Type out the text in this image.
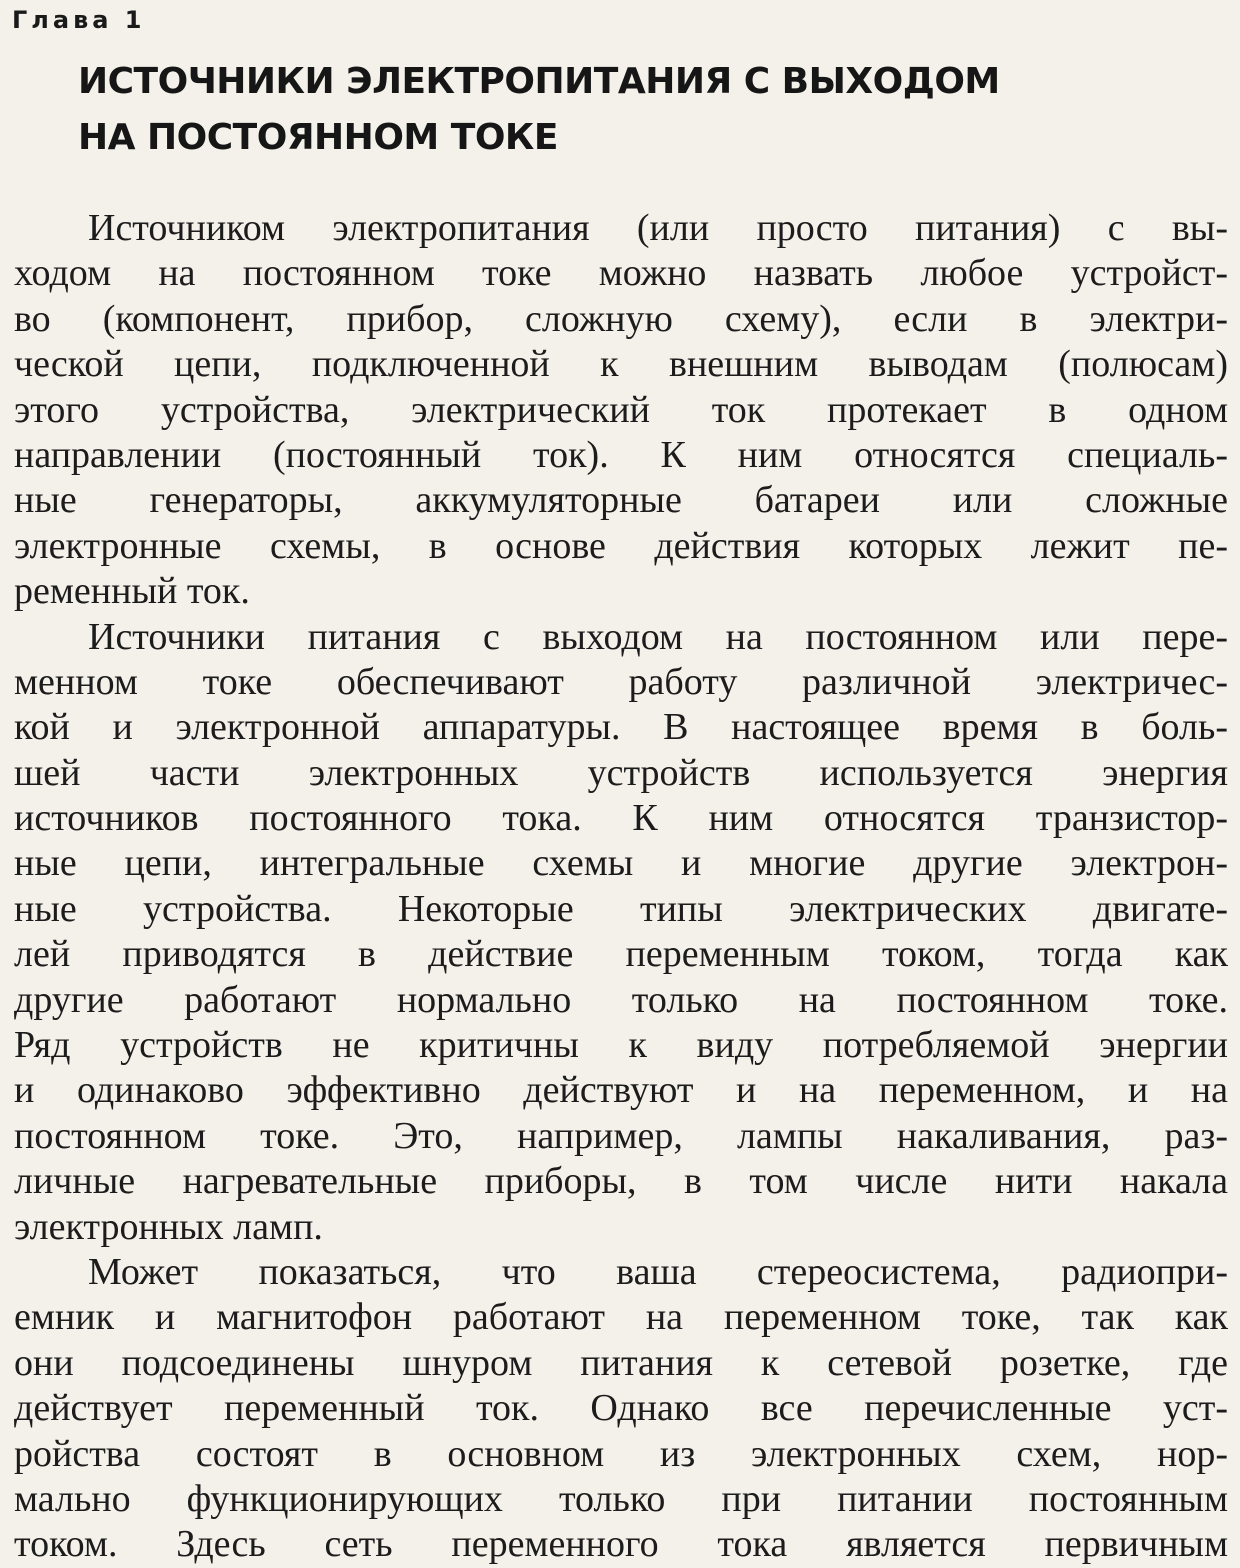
Глава 1
ИСТОЧНИКИ ЭЛЕКТРОПИТАНИЯ С ВЫХОДОМ
НА ПОСТОЯННОМ ТОКЕ
Источником электропитания (или просто питания) с вы-
ходом на постоянном токе можно назвать любое устройст-
во (компонент, прибор, сложную схему), если в электри-
ческой цепи, подключенной к внешним выводам (полюсам)
этого устройства, электрический ток протекает в одном
направлении (постоянный ток). К ним относятся специаль-
ные генераторы, аккумуляторные батареи или сложные
электронные схемы, в основе действия которых лежит пе-
ременный ток.
Источники питания с выходом на постоянном или пере-
менном токе обеспечивают работу различной электричес-
кой и электронной аппаратуры. В настоящее время в боль-
шей части электронных устройств используется энергия
источников постоянного тока. К ним относятся транзистор-
ные цепи, интегральные схемы и многие другие электрон-
ные устройства. Некоторые типы электрических двигате-
лей приводятся в действие переменным током, тогда как
другие работают нормально только на постоянном токе.
Ряд устройств не критичны к виду потребляемой энергии
и одинаково эффективно действуют и на переменном, и на
постоянном токе. Это, например, лампы накаливания, раз-
личные нагревательные приборы, в том числе нити накала
электронных ламп.
Может показаться, что ваша стереосистема, радиопри-
емник и магнитофон работают на переменном токе, так как
они подсоединены шнуром питания к сетевой розетке, где
действует переменный ток. Однако все перечисленные уст-
ройства состоят в основном из электронных схем, нор-
мально функционирующих только при питании постоянным
током. Здесь сеть переменного тока является первичным
